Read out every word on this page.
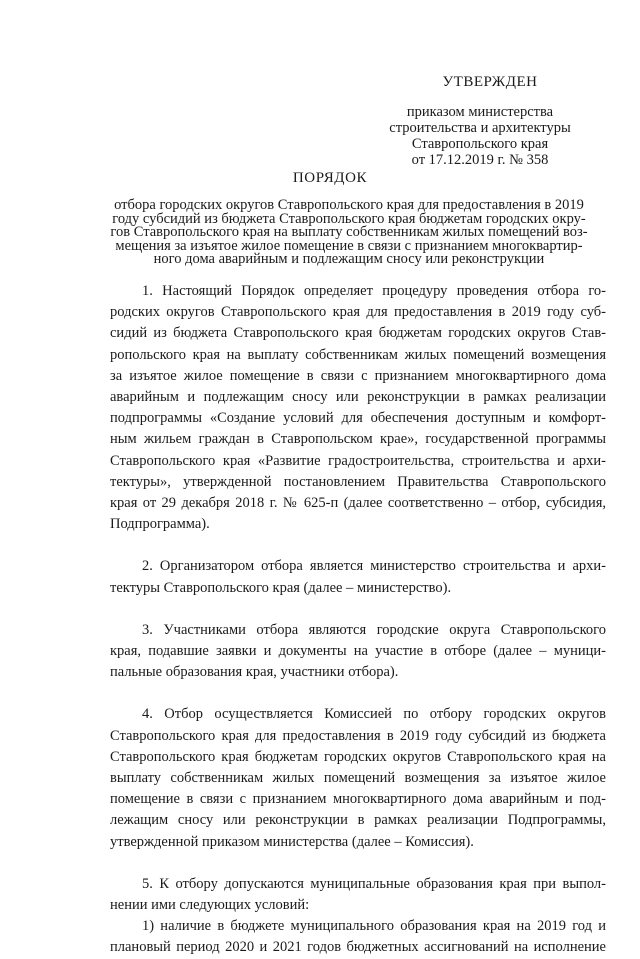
УТВЕРЖДЕН
приказом министерства
строительства и архитектуры
Ставропольского края
от 17.12.2019 г. № 358
ПОРЯДОК
отбора городских округов Ставропольского края для предоставления в 2019
году субсидий из бюджета Ставропольского края бюджетам городских окру-
гов Ставропольского края на выплату собственникам жилых помещений воз-
мещения за изъятое жилое помещение в связи с признанием многоквартир-
ного дома аварийным и подлежащим сносу или реконструкции
1. Настоящий Порядок определяет процедуру проведения отбора го-
родских округов Ставропольского края для предоставления в 2019 году суб-
сидий из бюджета Ставропольского края бюджетам городских округов Став-
ропольского края на выплату собственникам жилых помещений возмещения
за изъятое жилое помещение в связи с признанием многоквартирного дома
аварийным и подлежащим сносу или реконструкции в рамках реализации
подпрограммы «Создание условий для обеспечения доступным и комфорт-
ным жильем граждан в Ставропольском крае», государственной программы
Ставропольского края «Развитие градостроительства, строительства и архи-
тектуры», утвержденной постановлением Правительства Ставропольского
края от 29 декабря 2018 г. № 625-п (далее соответственно – отбор, субсидия,
Подпрограмма).
2. Организатором отбора является министерство строительства и архи-
тектуры Ставропольского края (далее – министерство).
3. Участниками отбора являются городские округа Ставропольского
края, подавшие заявки и документы на участие в отборе (далее – муници-
пальные образования края, участники отбора).
4. Отбор осуществляется Комиссией по отбору городских округов
Ставропольского края для предоставления в 2019 году субсидий из бюджета
Ставропольского края бюджетам городских округов Ставропольского края на
выплату собственникам жилых помещений возмещения за изъятое жилое
помещение в связи с признанием многоквартирного дома аварийным и под-
лежащим сносу или реконструкции в рамках реализации Подпрограммы,
утвержденной приказом министерства (далее – Комиссия).
5. К отбору допускаются муниципальные образования края при выпол-
нении ими следующих условий:
1) наличие в бюджете муниципального образования края на 2019 год и
плановый период 2020 и 2021 годов бюджетных ассигнований на исполнение
